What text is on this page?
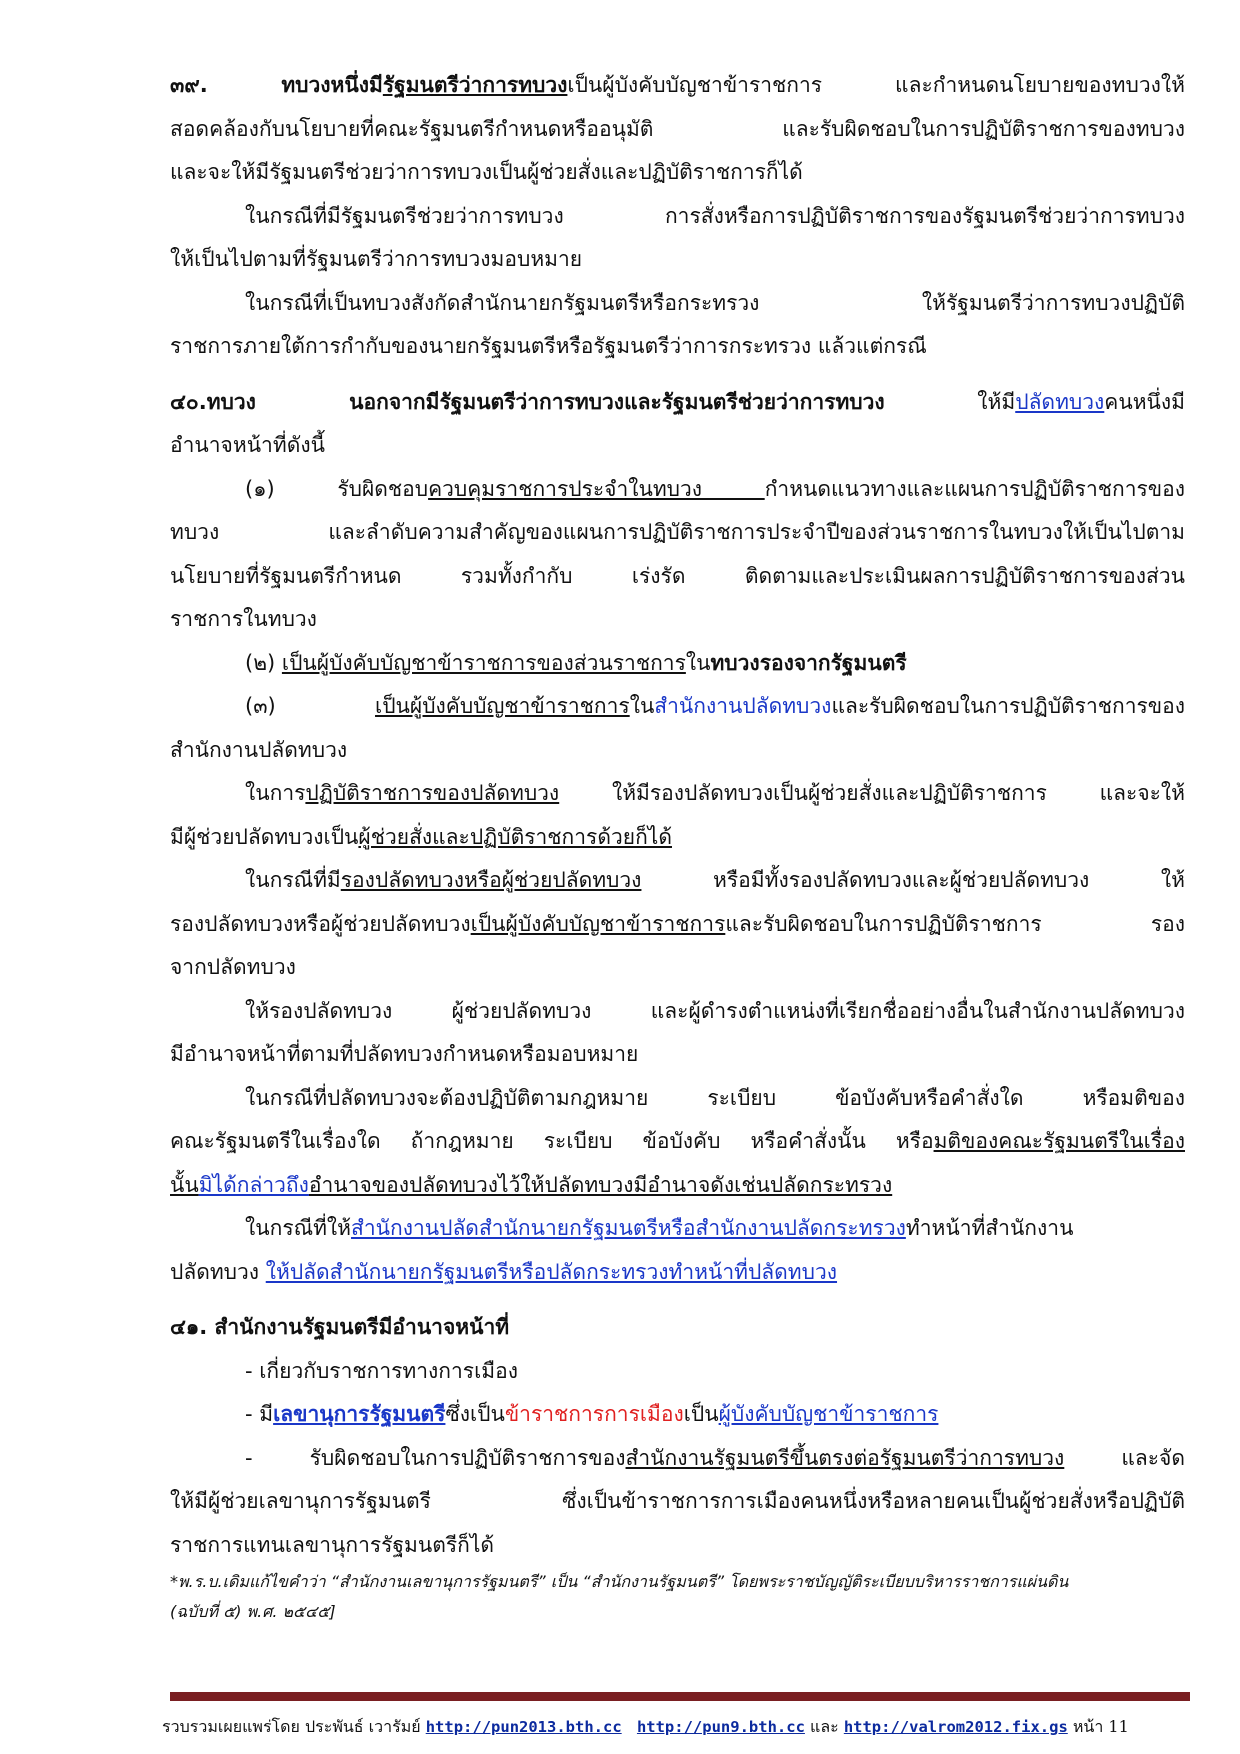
๓๙. ทบวงหนึ่งมีรัฐมนตรีว่าการทบวงเป็นผู้บังคับบัญชาข้าราชการ และกำหนดนโยบายของทบวงให้
สอดคล้องกับนโยบายที่คณะรัฐมนตรีกำหนดหรืออนุมัติ และรับผิดชอบในการปฏิบัติราชการของทบวง
และจะให้มีรัฐมนตรีช่วยว่าการทบวงเป็นผู้ช่วยสั่งและปฏิบัติราชการก็ได้
ในกรณีที่มีรัฐมนตรีช่วยว่าการทบวง การสั่งหรือการปฏิบัติราชการของรัฐมนตรีช่วยว่าการทบวง
ให้เป็นไปตามที่รัฐมนตรีว่าการทบวงมอบหมาย
ในกรณีที่เป็นทบวงสังกัดสำนักนายกรัฐมนตรีหรือกระทรวง ให้รัฐมนตรีว่าการทบวงปฏิบัติ
ราชการภายใต้การกำกับของนายกรัฐมนตรีหรือรัฐมนตรีว่าการกระทรวง แล้วแต่กรณี
๔๐.ทบวง นอกจากมีรัฐมนตรีว่าการทบวงและรัฐมนตรีช่วยว่าการทบวง ให้มีปลัดทบวงคนหนึ่งมี
อำนาจหน้าที่ดังนี้
(๑) รับผิดชอบควบคุมราชการประจำในทบวง กำหนดแนวทางและแผนการปฏิบัติราชการของ
ทบวง และลำดับความสำคัญของแผนการปฏิบัติราชการประจำปีของส่วนราชการในทบวงให้เป็นไปตาม
นโยบายที่รัฐมนตรีกำหนด รวมทั้งกำกับ เร่งรัด ติดตามและประเมินผลการปฏิบัติราชการของส่วน
ราชการในทบวง
(๒) เป็นผู้บังคับบัญชาข้าราชการของส่วนราชการในทบวงรองจากรัฐมนตรี
(๓) เป็นผู้บังคับบัญชาข้าราชการในสำนักงานปลัดทบวงและรับผิดชอบในการปฏิบัติราชการของ
สำนักงานปลัดทบวง
ในการปฏิบัติราชการของปลัดทบวง ให้มีรองปลัดทบวงเป็นผู้ช่วยสั่งและปฏิบัติราชการ และจะให้
มีผู้ช่วยปลัดทบวงเป็นผู้ช่วยสั่งและปฏิบัติราชการด้วยก็ได้
ในกรณีที่มีรองปลัดทบวงหรือผู้ช่วยปลัดทบวง หรือมีทั้งรองปลัดทบวงและผู้ช่วยปลัดทบวง ให้
รองปลัดทบวงหรือผู้ช่วยปลัดทบวงเป็นผู้บังคับบัญชาข้าราชการและรับผิดชอบในการปฏิบัติราชการ รอง
จากปลัดทบวง
ให้รองปลัดทบวง ผู้ช่วยปลัดทบวง และผู้ดำรงตำแหน่งที่เรียกชื่ออย่างอื่นในสำนักงานปลัดทบวง
มีอำนาจหน้าที่ตามที่ปลัดทบวงกำหนดหรือมอบหมาย
ในกรณีที่ปลัดทบวงจะต้องปฏิบัติตามกฎหมาย ระเบียบ ข้อบังคับหรือคำสั่งใด หรือมติของ
คณะรัฐมนตรีในเรื่องใด ถ้ากฎหมาย ระเบียบ ข้อบังคับ หรือคำสั่งนั้น หรือมติของคณะรัฐมนตรีในเรื่อง
นั้นมิได้กล่าวถึงอำนาจของปลัดทบวงไว้ให้ปลัดทบวงมีอำนาจดังเช่นปลัดกระทรวง
ในกรณีที่ให้สำนักงานปลัดสำนักนายกรัฐมนตรีหรือสำนักงานปลัดกระทรวงทำหน้าที่สำนักงาน
ปลัดทบวง ให้ปลัดสำนักนายกรัฐมนตรีหรือปลัดกระทรวงทำหน้าที่ปลัดทบวง
๔๑. สำนักงานรัฐมนตรีมีอำนาจหน้าที่
- เกี่ยวกับราชการทางการเมือง
- มีเลขานุการรัฐมนตรีซึ่งเป็นข้าราชการการเมืองเป็นผู้บังคับบัญชาข้าราชการ
- รับผิดชอบในการปฏิบัติราชการของสำนักงานรัฐมนตรีขึ้นตรงต่อรัฐมนตรีว่าการทบวง และจัด
ให้มีผู้ช่วยเลขานุการรัฐมนตรี ซึ่งเป็นข้าราชการการเมืองคนหนึ่งหรือหลายคนเป็นผู้ช่วยสั่งหรือปฏิบัติ
ราชการแทนเลขานุการรัฐมนตรีก็ได้
*พ.ร.บ.เดิมแก้ไขคำว่า “สำนักงานเลขานุการรัฐมนตรี” เป็น “สำนักงานรัฐมนตรี” โดยพระราชบัญญัติระเบียบบริหารราชการแผ่นดิน
(ฉบับที่ ๕) พ.ศ. ๒๕๔๕]
รวบรวมเผยแพร่โดย ประพันธ์ เวารัมย์ http://pun2013.bth.cc http://pun9.bth.cc และ http://valrom2012.fix.gs หน้า 11
